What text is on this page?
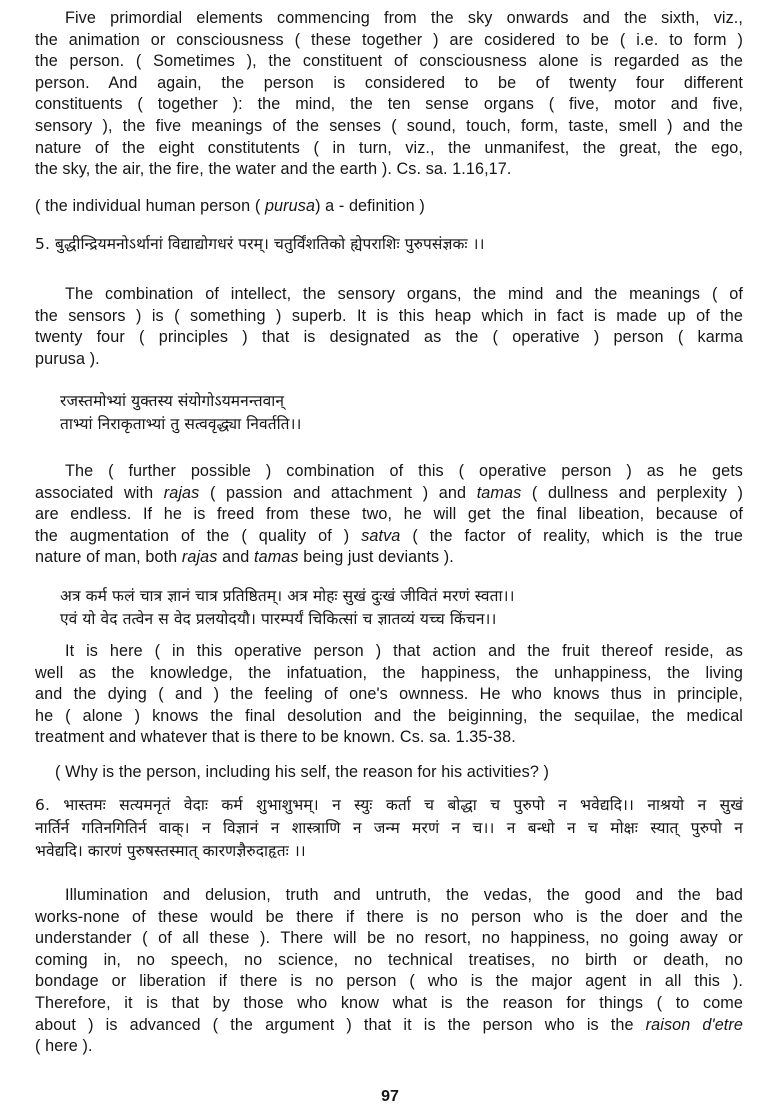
Five primordial elements commencing from the sky onwards and the sixth, viz.,
the animation or consciousness ( these together ) are cosidered to be ( i.e. to form )
the person. ( Sometimes ), the constituent of consciousness alone is regarded as the
person. And again, the person is considered to be of twenty four different
constituents ( together ): the mind, the ten sense organs ( five, motor and five,
sensory ), the five meanings of the senses ( sound, touch, form, taste, smell ) and the
nature of the eight constitutents ( in turn, viz., the unmanifest, the great, the ego,
the sky, the air, the fire, the water and the earth ). Cs. sa. 1.16,17.
( the individual human person ( purusa) a - definition )
5. बुद्धीन्द्रियमनोऽर्थानां विद्याद्योगधरं परम्। चतुर्विंशतिको ह्येपराशिः पुरुपसंज्ञकः ।।
The combination of intellect, the sensory organs, the mind and the meanings ( of
the sensors ) is ( something ) superb. It is this heap which in fact is made up of the
twenty four ( principles ) that is designated as the ( operative ) person ( karma
purusa ).
रजस्तमोभ्यां युक्तस्य संयोगोऽयमनन्तवान्
ताभ्यां निराकृताभ्यां तु सत्ववृद्ध्या निवर्तति।।
The ( further possible ) combination of this ( operative person ) as he gets
associated with rajas ( passion and attachment ) and tamas ( dullness and perplexity )
are endless. If he is freed from these two, he will get the final libeation, because of
the augmentation of the ( quality of ) satva ( the factor of reality, which is the true
nature of man, both rajas and tamas being just deviants ).
अत्र कर्म फलं चात्र ज्ञानं चात्र प्रतिष्ठितम्। अत्र मोहः सुखं दुःखं जीवितं मरणं स्वता।।
एवं यो वेद तत्वेन स वेद प्रलयोदयौ। पारम्पर्यं चिकित्सां च ज्ञातव्यं यच्च किंचन।।
It is here ( in this operative person ) that action and the fruit thereof reside, as
well as the knowledge, the infatuation, the happiness, the unhappiness, the living
and the dying ( and ) the feeling of one's ownness. He who knows thus in principle,
he ( alone ) knows the final desolution and the beiginning, the sequilae, the medical
treatment and whatever that is there to be known. Cs. sa. 1.35-38.
( Why is the person, including his self, the reason for his activities? )
6. भास्तमः सत्यमनृतं वेदाः कर्म शुभाशुभम्। न स्युः कर्ता च बोद्धा च पुरुपो न भवेद्यदि।। नाश्रयो न सुखं
नार्तिर्न गतिनगितिर्न वाक्। न विज्ञानं न शास्त्राणि न जन्म मरणं न च।। न बन्धो न च मोक्षः स्यात् पुरुपो न
भवेद्यदि। कारणं पुरुषस्तस्मात् कारणज्ञैरुदाहृतः ।।
Illumination and delusion, truth and untruth, the vedas, the good and the bad
works-none of these would be there if there is no person who is the doer and the
understander ( of all these ). There will be no resort, no happiness, no going away or
coming in, no speech, no science, no technical treatises, no birth or death, no
bondage or liberation if there is no person ( who is the major agent in all this ).
Therefore, it is that by those who know what is the reason for things ( to come
about ) is advanced ( the argument ) that it is the person who is the raison d'etre
( here ).
97
